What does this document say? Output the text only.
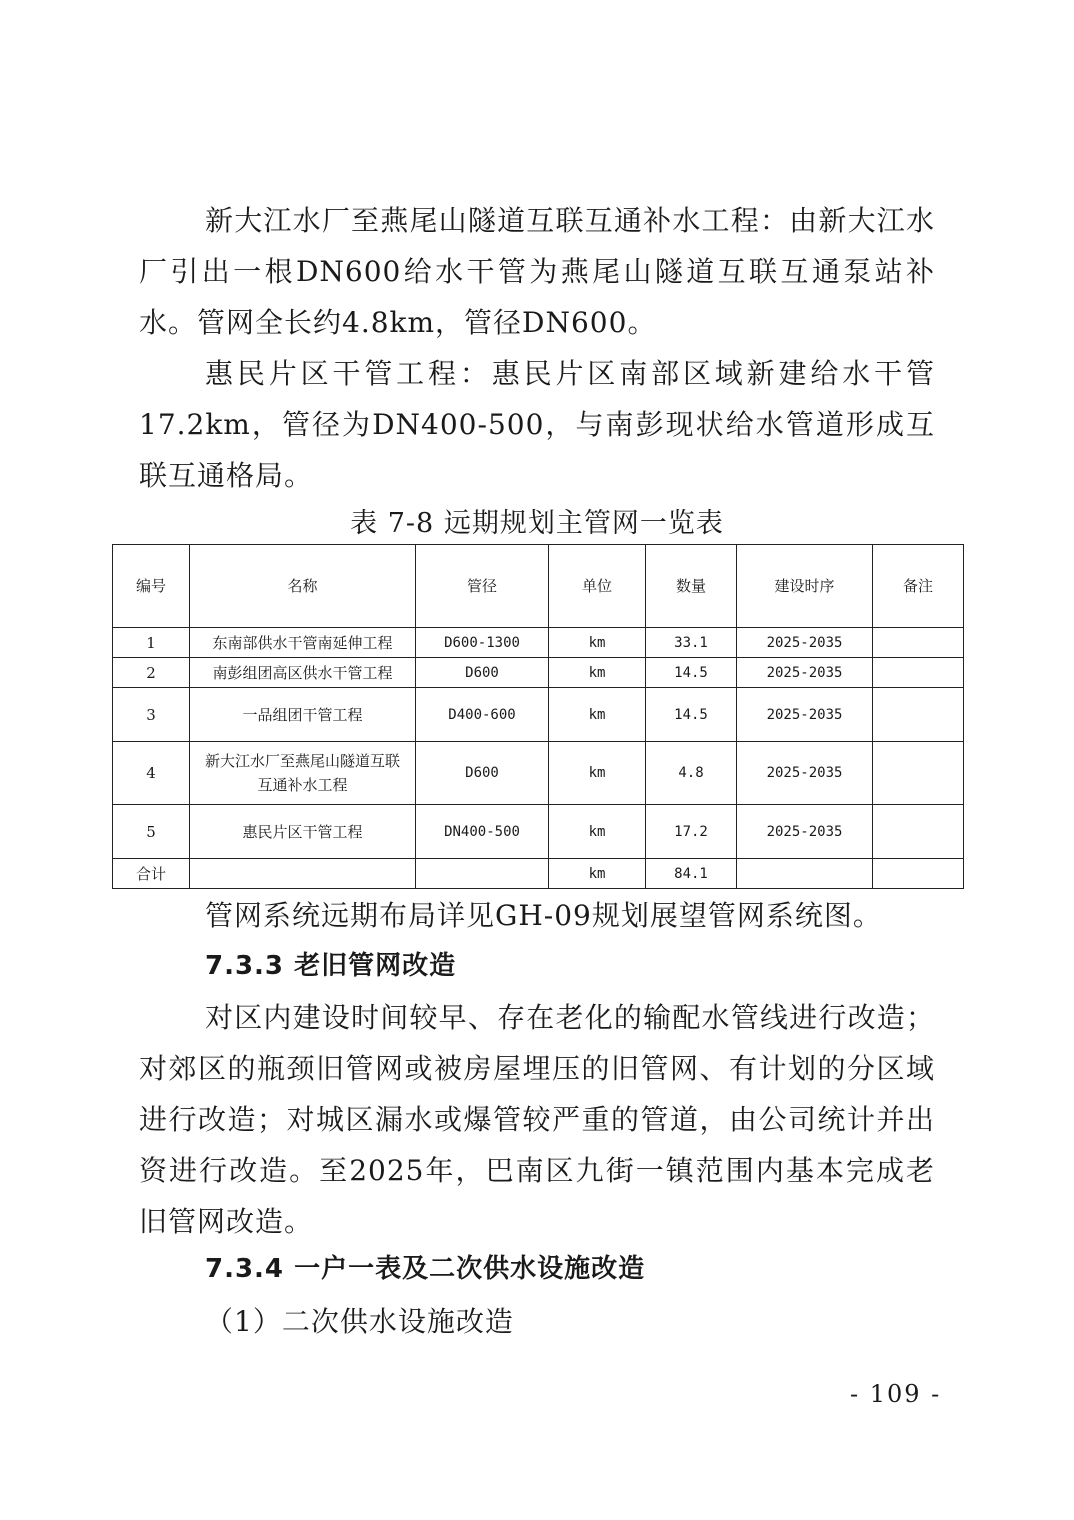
新大江水厂至燕尾山隧道互联互通补水工程：由新大江水厂引出一根DN600给水干管为燕尾山隧道互联互通泵站补水。管网全长约4.8km，管径DN600。

惠民片区干管工程：惠民片区南部区域新建给水干管17.2km，管径为DN400-500，与南彭现状给水管道形成互联互通格局。

表 7-8 远期规划主管网一览表
编号	名称	管径	单位	数量	建设时序	备注
1	东南部供水干管南延伸工程	D600-1300	km	33.1	2025-2035	
2	南彭组团高区供水干管工程	D600	km	14.5	2025-2035	
3	一品组团干管工程	D400-600	km	14.5	2025-2035	
4	新大江水厂至燕尾山隧道互联互通补水工程	D600	km	4.8	2025-2035	
5	惠民片区干管工程	DN400-500	km	17.2	2025-2035	
合计			km	84.1		

管网系统远期布局详见GH-09规划展望管网系统图。

7.3.3 老旧管网改造

对区内建设时间较早、存在老化的输配水管线进行改造；对郊区的瓶颈旧管网或被房屋埋压的旧管网、有计划的分区域进行改造；对城区漏水或爆管较严重的管道，由公司统计并出资进行改造。至2025年，巴南区九街一镇范围内基本完成老旧管网改造。

7.3.4 一户一表及二次供水设施改造
（1）二次供水设施改造
- 109 -
